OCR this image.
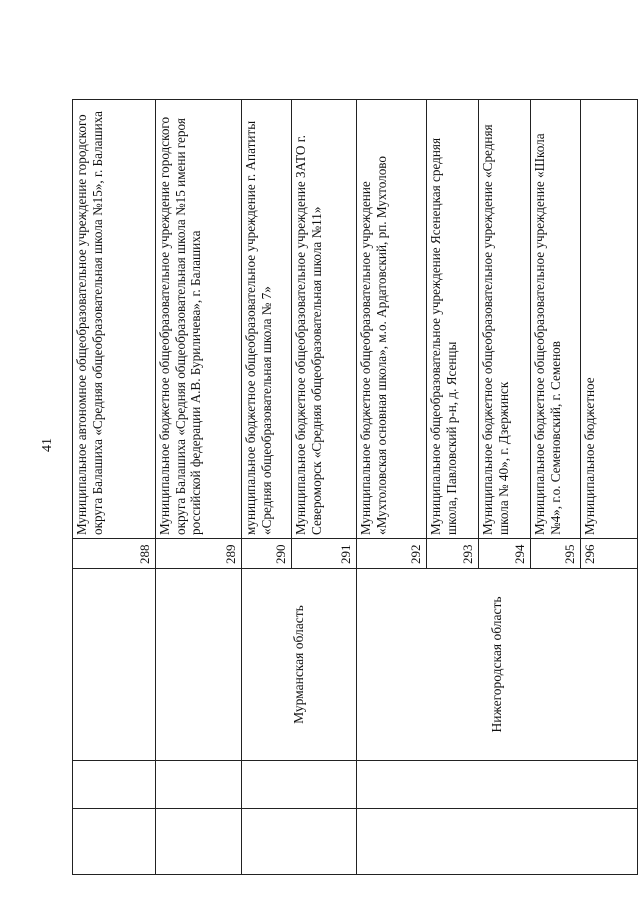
41
			288	Муниципальное автономное общеобразовательное учреждение городского округа Балашиха «Средняя общеобразовательная школа №15», г. Балашиха
			289	Муниципальное бюджетное общеобразовательное учреждение городского округа Балашиха «Средняя общеобразовательная школа №15 имени героя российской федерации А.В. Буриличева», г. Балашиха
		Мурманская область	290	муниципальное бюджетное общеобразовательное учреждение г. Апатиты «Средняя общеобразовательная школа № 7»
			291	Муниципальное бюджетное общеобразовательное учреждение ЗАТО г. Североморск «Средняя общеобразовательная школа №11»
		Нижегородская область	292	Муниципальное бюджетное общеобразовательное учреждение «Мухтоловская основная школа», м.о. Ардатовский, рп. Мухтолово
			293	Муниципальное общеобразовательное учреждение Ясенецкая средняя школа, Павловский р-н, д. Ясенцы
			294	Муниципальное бюджетное общеобразовательное учреждение «Средняя школа № 40», г. Дзержинск
			295	Муниципальное бюджетное общеобразовательное учреждение «Школа №4», г.о. Семеновский, г. Семенов
			296	Муниципальное бюджетное
